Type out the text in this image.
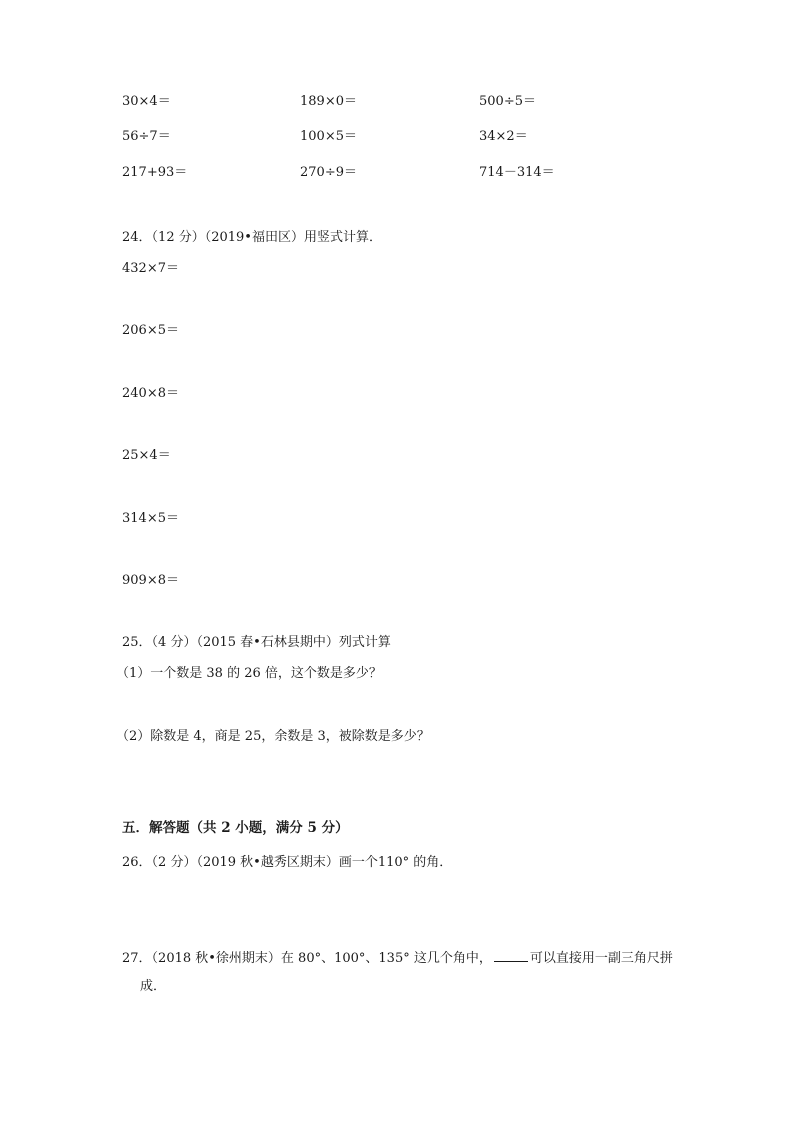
30×4＝	189×0＝	500÷5＝
56÷7＝	100×5＝	34×2＝
217+93＝	270÷9＝	714－314＝
24．（12 分）（2019•福田区）用竖式计算．
432×7＝
206×5＝
240×8＝
25×4＝
314×5＝
909×8＝
25．（4 分）（2015 春•石林县期中）列式计算
（1）一个数是 38 的 26 倍，这个数是多少？
（2）除数是 4，商是 25，余数是 3，被除数是多少？
五．解答题（共 2 小题，满分 5 分）
26．（2 分）（2019 秋•越秀区期末）画一个110° 的角．
27．（2018 秋•徐州期末）在 80°、100°、135° 这几个角中，	可以直接用一副三角尺拼
成．
